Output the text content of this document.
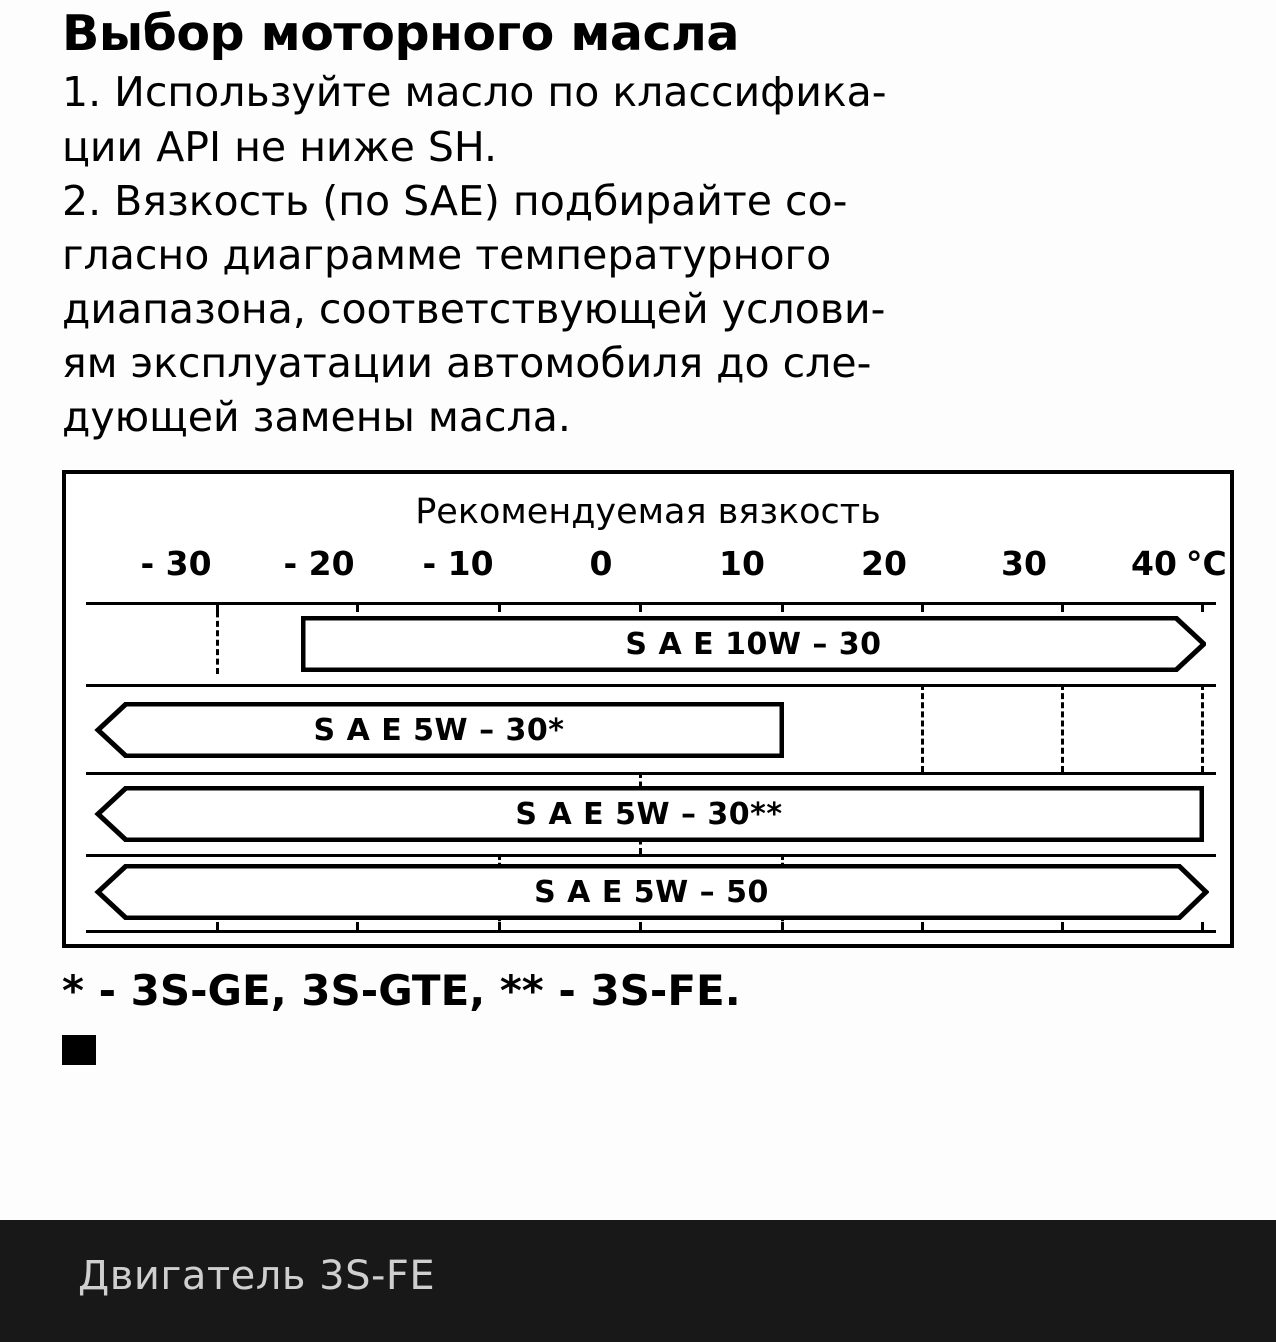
Выбор моторного масла

1. Используйте масло по классифика-

ции API не ниже SH.

2. Вязкость (по SAE) подбирайте со-

гласно диаграмме температурного

диапазона, соответствующей услови-

ям эксплуатации автомобиля до сле-

дующей замены масла.

Рекомендуемая вязкость
- 30 - 20 - 10	0	10	20	30	40 °C
S A E 10W – 30
S A E 5W – 30*
S A E 5W – 30**
S A E 5W – 50
* - 3S-GE, 3S-GTE, ** - 3S-FE.
Двигатель 3S-FE
